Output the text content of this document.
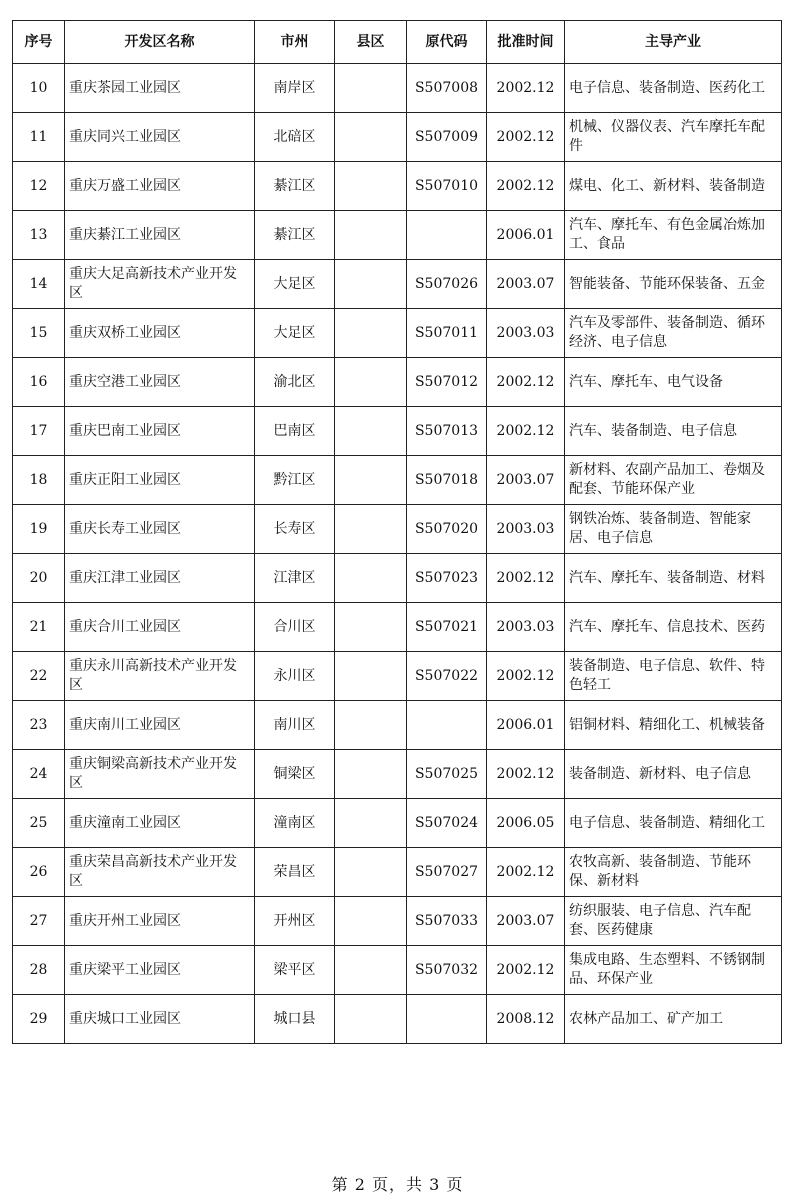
序号	开发区名称	市州	县区	原代码	批准时间	主导产业
10	重庆茶园工业园区	南岸区		S507008	2002.12	电子信息、装备制造、医药化工
11	重庆同兴工业园区	北碚区		S507009	2002.12	机械、仪器仪表、汽车摩托车配件
12	重庆万盛工业园区	綦江区		S507010	2002.12	煤电、化工、新材料、装备制造
13	重庆綦江工业园区	綦江区			2006.01	汽车、摩托车、有色金属冶炼加工、食品
14	重庆大足高新技术产业开发区	大足区		S507026	2003.07	智能装备、节能环保装备、五金
15	重庆双桥工业园区	大足区		S507011	2003.03	汽车及零部件、装备制造、循环经济、电子信息
16	重庆空港工业园区	渝北区		S507012	2002.12	汽车、摩托车、电气设备
17	重庆巴南工业园区	巴南区		S507013	2002.12	汽车、装备制造、电子信息
18	重庆正阳工业园区	黔江区		S507018	2003.07	新材料、农副产品加工、卷烟及配套、节能环保产业
19	重庆长寿工业园区	长寿区		S507020	2003.03	钢铁冶炼、装备制造、智能家居、电子信息
20	重庆江津工业园区	江津区		S507023	2002.12	汽车、摩托车、装备制造、材料
21	重庆合川工业园区	合川区		S507021	2003.03	汽车、摩托车、信息技术、医药
22	重庆永川高新技术产业开发区	永川区		S507022	2002.12	装备制造、电子信息、软件、特色轻工
23	重庆南川工业园区	南川区			2006.01	铝铜材料、精细化工、机械装备
24	重庆铜梁高新技术产业开发区	铜梁区		S507025	2002.12	装备制造、新材料、电子信息
25	重庆潼南工业园区	潼南区		S507024	2006.05	电子信息、装备制造、精细化工
26	重庆荣昌高新技术产业开发区	荣昌区		S507027	2002.12	农牧高新、装备制造、节能环保、新材料
27	重庆开州工业园区	开州区		S507033	2003.07	纺织服装、电子信息、汽车配套、医药健康
28	重庆梁平工业园区	梁平区		S507032	2002.12	集成电路、生态塑料、不锈钢制品、环保产业
29	重庆城口工业园区	城口县			2008.12	农林产品加工、矿产加工
第 2 页，共 3 页
